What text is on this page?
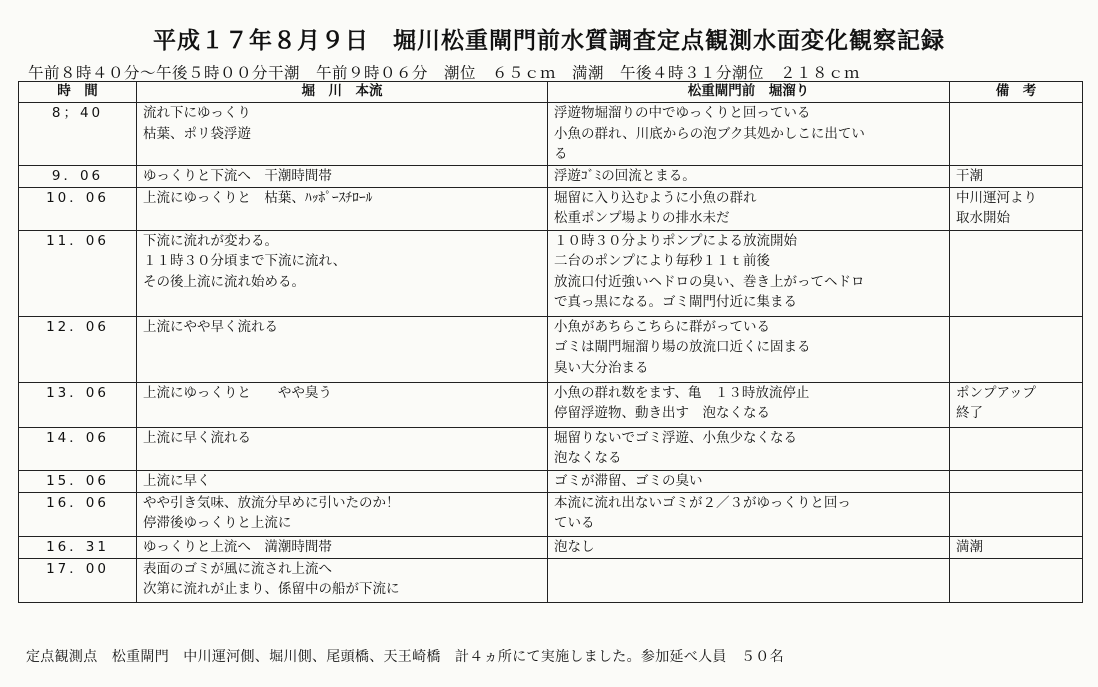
平成１７年８月９日　堀川松重閘門前水質調査定点観測水面変化観察記録
午前８時４０分〜午後５時００分干潮　午前９時０６分　潮位　６５ｃｍ　満潮　午後４時３１分潮位　２１８ｃｍ
時　間	堀　川　本流	松重閘門前　堀溜り	備　考
8；40	流れ下にゆっくり
枯葉、ポリ袋浮遊	浮遊物堀溜りの中でゆっくりと回っている
小魚の群れ、川底からの泡ブク其処かしこに出てい
る	

9．06	ゆっくりと下流へ　干潮時間帯	浮遊ｺﾞﾐの回流とまる。	干潮

10．06	上流にゆっくりと　枯葉、ﾊｯﾎﾟｰｽﾁﾛｰﾙ	堀留に入り込むように小魚の群れ
松重ポンプ場よりの排水未だ	中川運河より
取水開始

11．06	下流に流れが変わる。
１１時３０分頃まで下流に流れ、
その後上流に流れ始める。	１０時３０分よりポンプによる放流開始
二台のポンプにより毎秒１１ｔ前後
放流口付近強いヘドロの臭い、巻き上がってヘドロ
で真っ黒になる。ゴミ閘門付近に集まる	

12．06	上流にやや早く流れる	小魚があちらこちらに群がっている
ゴミは閘門堀溜り場の放流口近くに固まる
臭い大分治まる	

13．06	上流にゆっくりと　　やや臭う	小魚の群れ数をます、亀　１３時放流停止
停留浮遊物、動き出す　泡なくなる	ポンプアップ
終了

14．06	上流に早く流れる	堀留りないでゴミ浮遊、小魚少なくなる
泡なくなる	

15．06	上流に早く	ゴミが滞留、ゴミの臭い	

16．06	やや引き気味、放流分早めに引いたのか！
停滞後ゆっくりと上流に	本流に流れ出ないゴミが２／３がゆっくりと回っ
ている	

16．31	ゆっくりと上流へ　満潮時間帯	泡なし	満潮

17．00	表面のゴミが風に流され上流へ
次第に流れが止まり、係留中の船が下流に		

定点観測点　松重閘門　中川運河側、堀川側、尾頭橋、天王崎橋　計４ヵ所にて実施しました。参加延べ人員　５０名
